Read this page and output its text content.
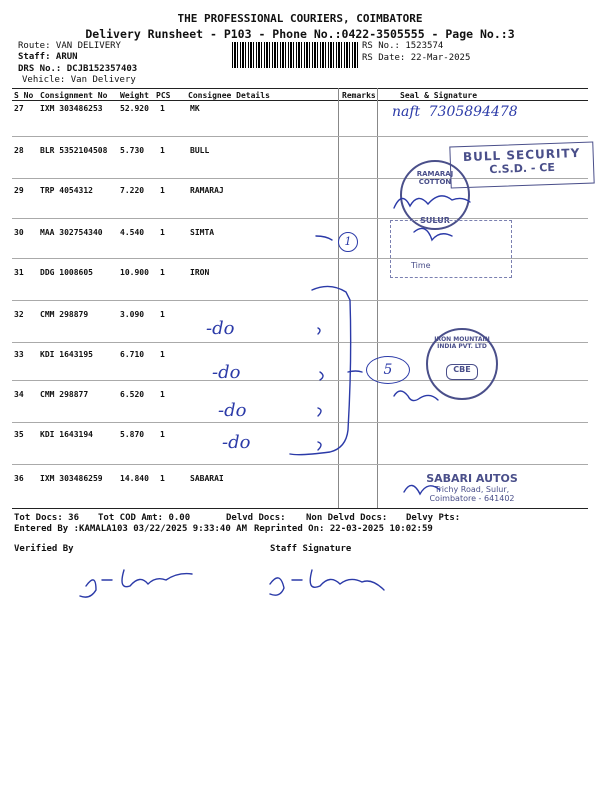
THE PROFESSIONAL COURIERS, COIMBATORE
Delivery Runsheet - P103 - Phone No.:0422-3505555 - Page No.:3
Route: VAN DELIVERY
Staff: ARUN
DRS No.: DCJB152357403
Vehicle: Van Delivery
RS No.: 1523574
RS Date: 22-Mar-2025
S No Consignment No Weight PCS Consignee Details	Remarks	Seal & Signature
27 IXM 303486253 52.920 1	MK
28 BLR 5352104508 5.730 1	BULL
29 TRP 4054312	7.220 1	RAMARAJ
30 MAA 302754340 4.540 1	SIMTA
31 DDG 1008605	10.900 1	IRON
32 CMM 298879	3.090 1
33 KDI 1643195	6.710 1
34 CMM 298877	6.520 1
35 KDI 1643194	5.870 1
36 IXM 303486259 14.840 1	SABARAI
Tot Docs: 36 Tot COD Amt: 0.00	Delvd Docs: Non Delvd Docs: Delvy Pts:
Entered By :KAMALA103 03/22/2025 9:33:40 AM Reprinted On: 22-03-2025 10:02:59
Verified By	Staff Signature
BULL SECURITY
C.S.D. - CE
RAMARAJ COTTON
SULUR
Time
IRON MOUNTAIN INDIA PVT. LTD
CBE
SABARI AUTOS
Trichy Road, Sulur,
Coimbatore - 641402
naft 7305894478
1
5
-do
-do
-do
-do
